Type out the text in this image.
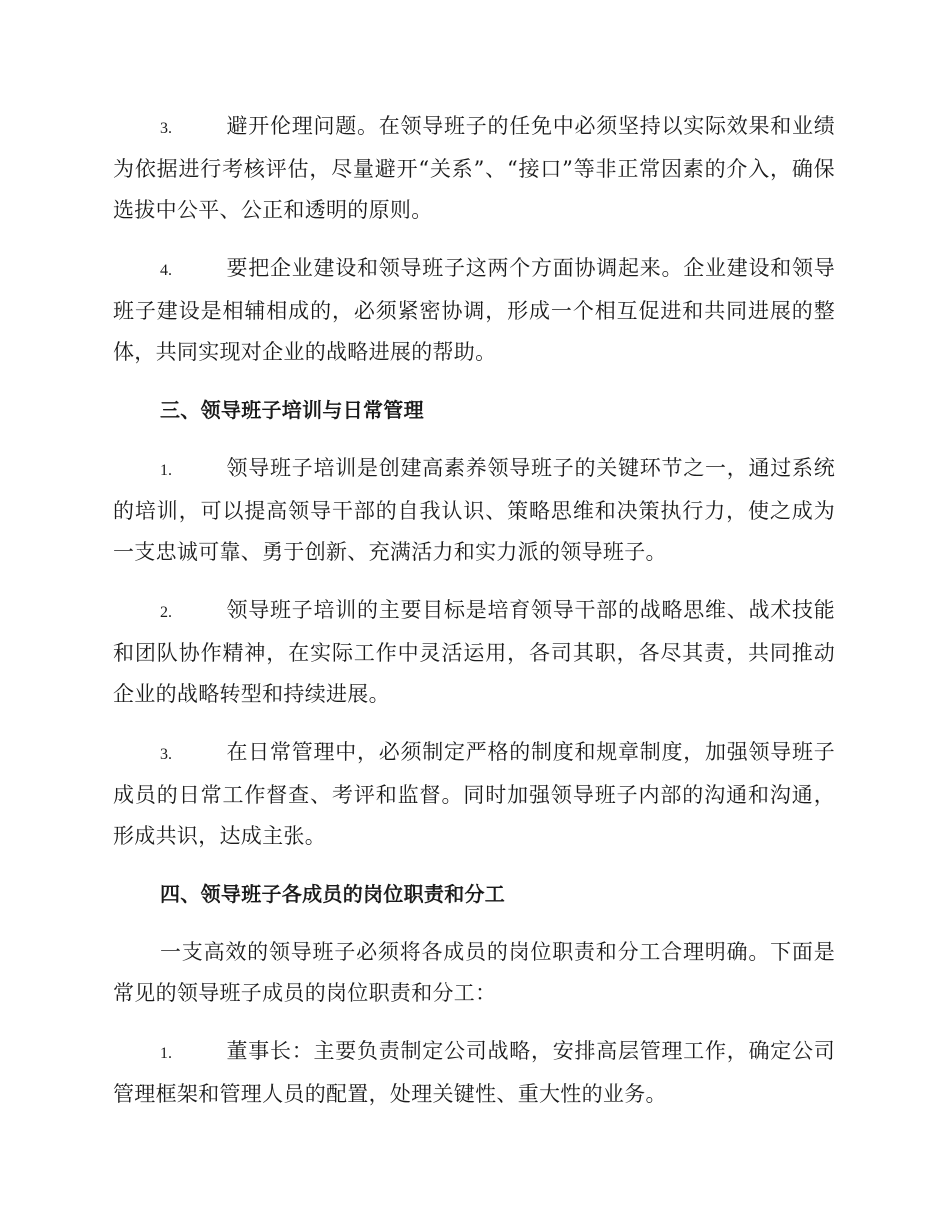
3.	避开伦理问题。在领导班子的任免中必须坚持以实际效果和业绩为依据进行考核评估，尽量避开“关系”、“接口”等非正常因素的介入，确保选拔中公平、公正和透明的原则。

4.	要把企业建设和领导班子这两个方面协调起来。企业建设和领导班子建设是相辅相成的，必须紧密协调，形成一个相互促进和共同进展的整体，共同实现对企业的战略进展的帮助。

三、领导班子培训与日常管理

1.	领导班子培训是创建高素养领导班子的关键环节之一，通过系统的培训，可以提高领导干部的自我认识、策略思维和决策执行力，使之成为一支忠诚可靠、勇于创新、充满活力和实力派的领导班子。

2.	领导班子培训的主要目标是培育领导干部的战略思维、战术技能和团队协作精神，在实际工作中灵活运用，各司其职，各尽其责，共同推动企业的战略转型和持续进展。

3.	在日常管理中，必须制定严格的制度和规章制度，加强领导班子成员的日常工作督查、考评和监督。同时加强领导班子内部的沟通和沟通，形成共识，达成主张。

四、领导班子各成员的岗位职责和分工

一支高效的领导班子必须将各成员的岗位职责和分工合理明确。下面是常见的领导班子成员的岗位职责和分工：

1.	董事长：主要负责制定公司战略，安排高层管理工作，确定公司管理框架和管理人员的配置，处理关键性、重大性的业务。
